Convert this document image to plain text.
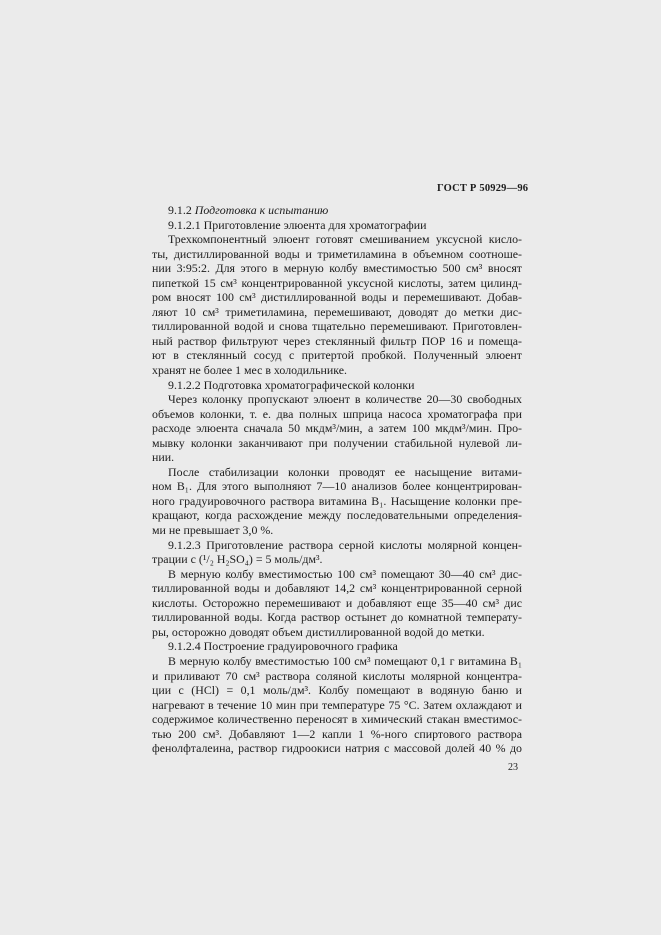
ГОСТ Р 50929—96
9.1.2 Подготовка к испытанию
9.1.2.1 Приготовление элюента для хроматографии
Трехкомпонентный элюент готовят смешиванием уксусной кисло-
ты, дистиллированной воды и триметиламина в объемном соотноше-
нии 3:95:2. Для этого в мерную колбу вместимостью 500 см³ вносят
пипеткой 15 см³ концентрированной уксусной кислоты, затем цилинд-
ром вносят 100 см³ дистиллированной воды и перемешивают. Добав-
ляют 10 см³ триметиламина, перемешивают, доводят до метки дис-
тиллированной водой и снова тщательно перемешивают. Приготовлен-
ный раствор фильтруют через стеклянный фильтр ПОР 16 и помеща-
ют в стеклянный сосуд с притертой пробкой. Полученный элюент
хранят не более 1 мес в холодильнике.
9.1.2.2 Подготовка хроматографической колонки
Через колонку пропускают элюент в количестве 20—30 свободных
объемов колонки, т. е. два полных шприца насоса хроматографа при
расходе элюента сначала 50 мкдм³/мин, а затем 100 мкдм³/мин. Про-
мывку колонки заканчивают при получении стабильной нулевой ли-
нии.
После стабилизации колонки проводят ее насыщение витами-
ном B₁. Для этого выполняют 7—10 анализов более концентрирован-
ного градуировочного раствора витамина B₁. Насыщение колонки пре-
кращают, когда расхождение между последовательными определения-
ми не превышает 3,0 %.
9.1.2.3 Приготовление раствора серной кислоты молярной концен-
трации с (¹/₂ H₂SO₄) = 5 моль/дм³.
В мерную колбу вместимостью 100 см³ помещают 30—40 см³ дис-
тиллированной воды и добавляют 14,2 см³ концентрированной серной
кислоты. Осторожно перемешивают и добавляют еще 35—40 см³ дис
тиллированной воды. Когда раствор остынет до комнатной температу-
ры, осторожно доводят объем дистиллированной водой до метки.
9.1.2.4 Построение градуировочного графика
В мерную колбу вместимостью 100 см³ помещают 0,1 г витамина B₁
и приливают 70 см³ раствора соляной кислоты молярной концентра-
ции с (HCl) = 0,1 моль/дм³. Колбу помещают в водяную баню и
нагревают в течение 10 мин при температуре 75 °С. Затем охлаждают и
содержимое количественно переносят в химический стакан вместимос-
тью 200 см³. Добавляют 1—2 капли 1 %-ного спиртового раствора
фенолфталеина, раствор гидроокиси натрия с массовой долей 40 % до
23
